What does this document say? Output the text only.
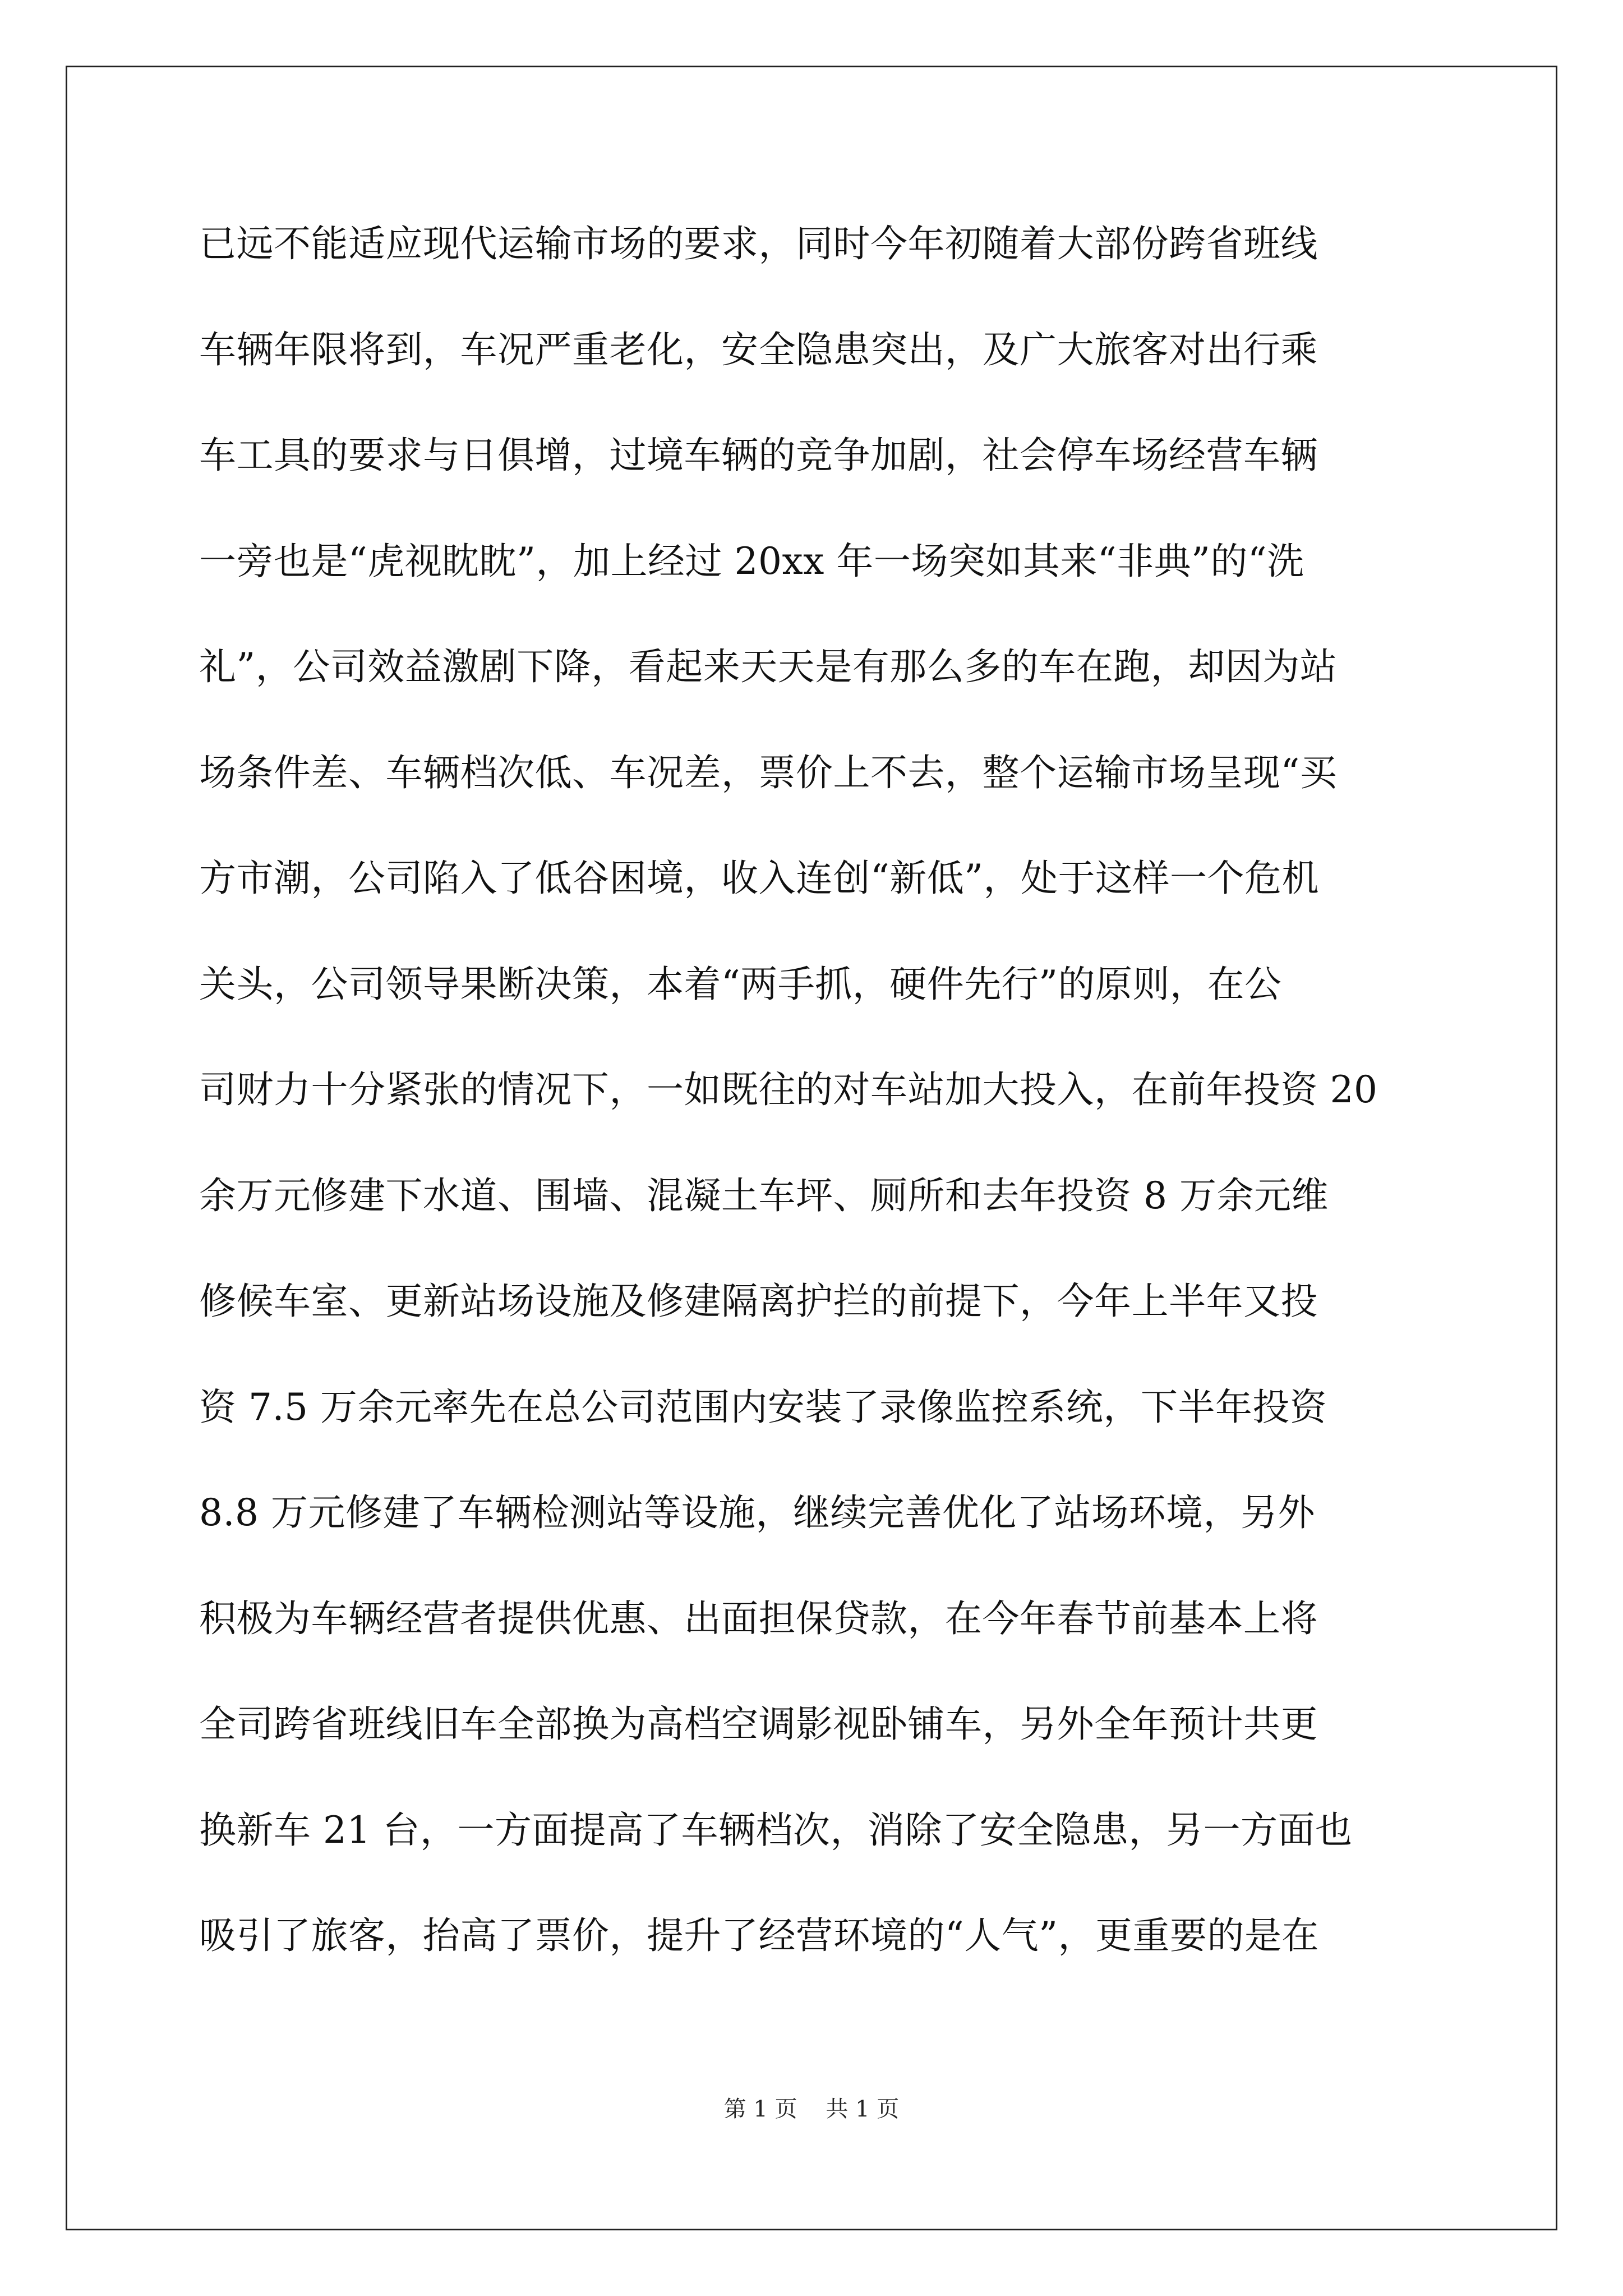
已远不能适应现代运输市场的要求，同时今年初随着大部份跨省班线
车辆年限将到，车况严重老化，安全隐患突出，及广大旅客对出行乘
车工具的要求与日俱增，过境车辆的竞争加剧，社会停车场经营车辆
一旁也是“虎视眈眈”，加上经过 20xx 年一场突如其来“非典”的“洗
礼”，公司效益激剧下降，看起来天天是有那么多的车在跑，却因为站
场条件差、车辆档次低、车况差，票价上不去，整个运输市场呈现“买
方市潮，公司陷入了低谷困境，收入连创“新低”，处于这样一个危机
关头，公司领导果断决策，本着“两手抓，硬件先行”的原则，在公
司财力十分紧张的情况下，一如既往的对车站加大投入，在前年投资 20
余万元修建下水道、围墙、混凝土车坪、厕所和去年投资 8 万余元维
修候车室、更新站场设施及修建隔离护拦的前提下，今年上半年又投
资 7.5 万余元率先在总公司范围内安装了录像监控系统，下半年投资
8.8 万元修建了车辆检测站等设施，继续完善优化了站场环境，另外
积极为车辆经营者提供优惠、出面担保贷款，在今年春节前基本上将
全司跨省班线旧车全部换为高档空调影视卧铺车，另外全年预计共更
换新车 21 台，一方面提高了车辆档次，消除了安全隐患，另一方面也
吸引了旅客，抬高了票价，提升了经营环境的“人气”，更重要的是在
第 1 页    共 1 页
